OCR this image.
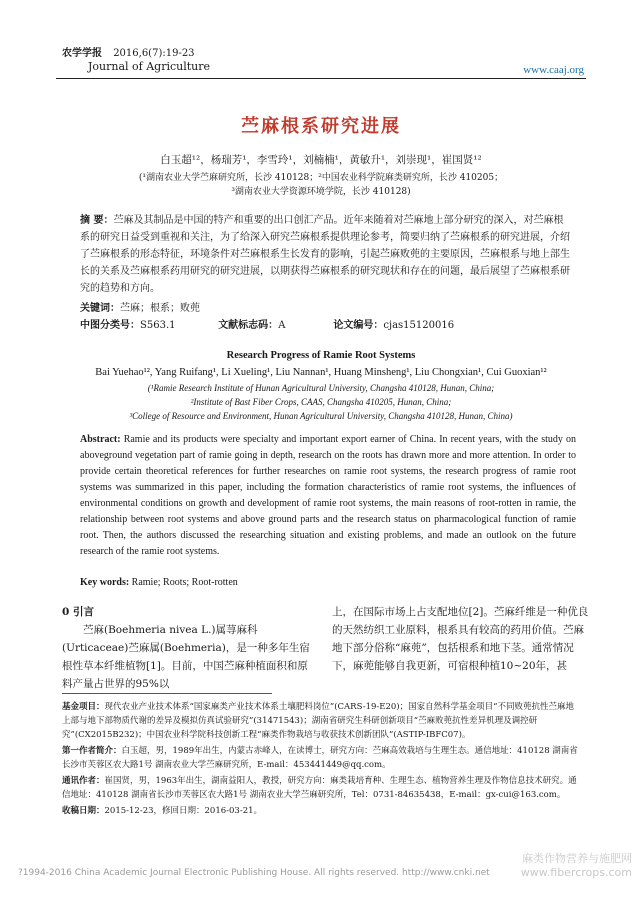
农学学报 2016,6(7):19-23
Journal of Agriculture	www.caaj.org
苎麻根系研究进展
白玉超¹²，杨瑞芳¹，李雪玲¹，刘楠楠¹，黄敏升¹，刘崇现¹，崔国贤¹²
(¹湖南农业大学苎麻研究所，长沙 410128；²中国农业科学院麻类研究所，长沙 410205；
³湖南农业大学资源环境学院，长沙 410128)
摘 要：苎麻及其制品是中国的特产和重要的出口创汇产品。近年来随着对苎麻地上部分研究的深入，对苎麻根系的研究日益受到重视和关注，为了给深入研究苎麻根系提供理论参考，简要归纳了苎麻根系的研究进展，介绍了苎麻根系的形态特征，环境条件对苎麻根系生长发育的影响，引起苎麻败蔸的主要原因，苎麻根系与地上部生长的关系及苎麻根系药用研究的研究进展，以期获得苎麻根系的研究现状和存在的问题，最后展望了苎麻根系研究的趋势和方向。
关键词：苎麻；根系；败蔸
中图分类号：S563.1	文献标志码：A	论文编号：cjas15120016
Research Progress of Ramie Root Systems
Bai Yuehao¹², Yang Ruifang¹, Li Xueling¹, Liu Nannan¹, Huang Minsheng¹, Liu Chongxian¹, Cui Guoxian¹²
(¹Ramie Research Institute of Hunan Agricultural University, Changsha 410128, Hunan, China;
²Institute of Bast Fiber Crops, CAAS, Changsha 410205, Hunan, China;
³College of Resource and Environment, Hunan Agricultural University, Changsha 410128, Hunan, China)
Abstract: Ramie and its products were specialty and important export earner of China. In recent years, with the study on aboveground vegetation part of ramie going in depth, research on the roots has drawn more and more attention. In order to provide certain theoretical references for further researches on ramie root systems, the research progress of ramie root systems was summarized in this paper, including the formation characteristics of ramie root systems, the influences of environmental conditions on growth and development of ramie root systems, the main reasons of root-rotten in ramie, the relationship between root systems and above ground parts and the research status on pharmacological function of ramie root. Then, the authors discussed the researching situation and existing problems, and made an outlook on the future research of the ramie root systems.
Key words: Ramie; Roots; Root-rotten
0 引言
苎麻(Boehmeria nivea L.)属荨麻科(Urticaceae)苎麻属(Boehmeria)，是一种多年生宿根性草本纤维植物[1]。目前，中国苎麻种植面积和原料产量占世界的95%以
上，在国际市场上占支配地位[2]。苎麻纤维是一种优良的天然纺织工业原料，根系具有较高的药用价值。苎麻地下部分俗称“麻蔸”，包括根系和地下茎。通常情况下，麻蔸能够自我更新，可宿根种植10~20年，甚

基金项目：现代农业产业技术体系“国家麻类产业技术体系土壤肥料岗位”(CARS-19-E20)；国家自然科学基金项目“不同败蔸抗性苎麻地上部与地下部物质代谢的差异及模拟仿真试验研究”(31471543)；湖南省研究生科研创新项目“苎麻败蔸抗性差异机理及调控研究”(CX2015B232)；中国农业科学院科技创新工程“麻类作物栽培与收获技术创新团队”(ASTIP-IBFC07)。

第一作者简介：白玉超，男，1989年出生，内蒙古赤峰人，在读博士，研究方向：苎麻高效栽培与生理生态。通信地址：410128 湖南省长沙市芙蓉区农大路1号 湖南农业大学苎麻研究所，E-mail：453441449@qq.com。

通讯作者：崔国贤，男，1963年出生，湖南益阳人，教授，研究方向：麻类栽培育种、生理生态、植物营养生理及作物信息技术研究。通信地址：410128 湖南省长沙市芙蓉区农大路1号 湖南农业大学苎麻研究所，Tel：0731-84635438，E-mail：gx-cui@163.com。

收稿日期：2015-12-23，修回日期：2016-03-21。

?1994-2016 China Academic Journal Electronic Publishing House. All rights reserved. http://www.cnki.net
麻类作物营养与施肥网
www.fibercrops.com
